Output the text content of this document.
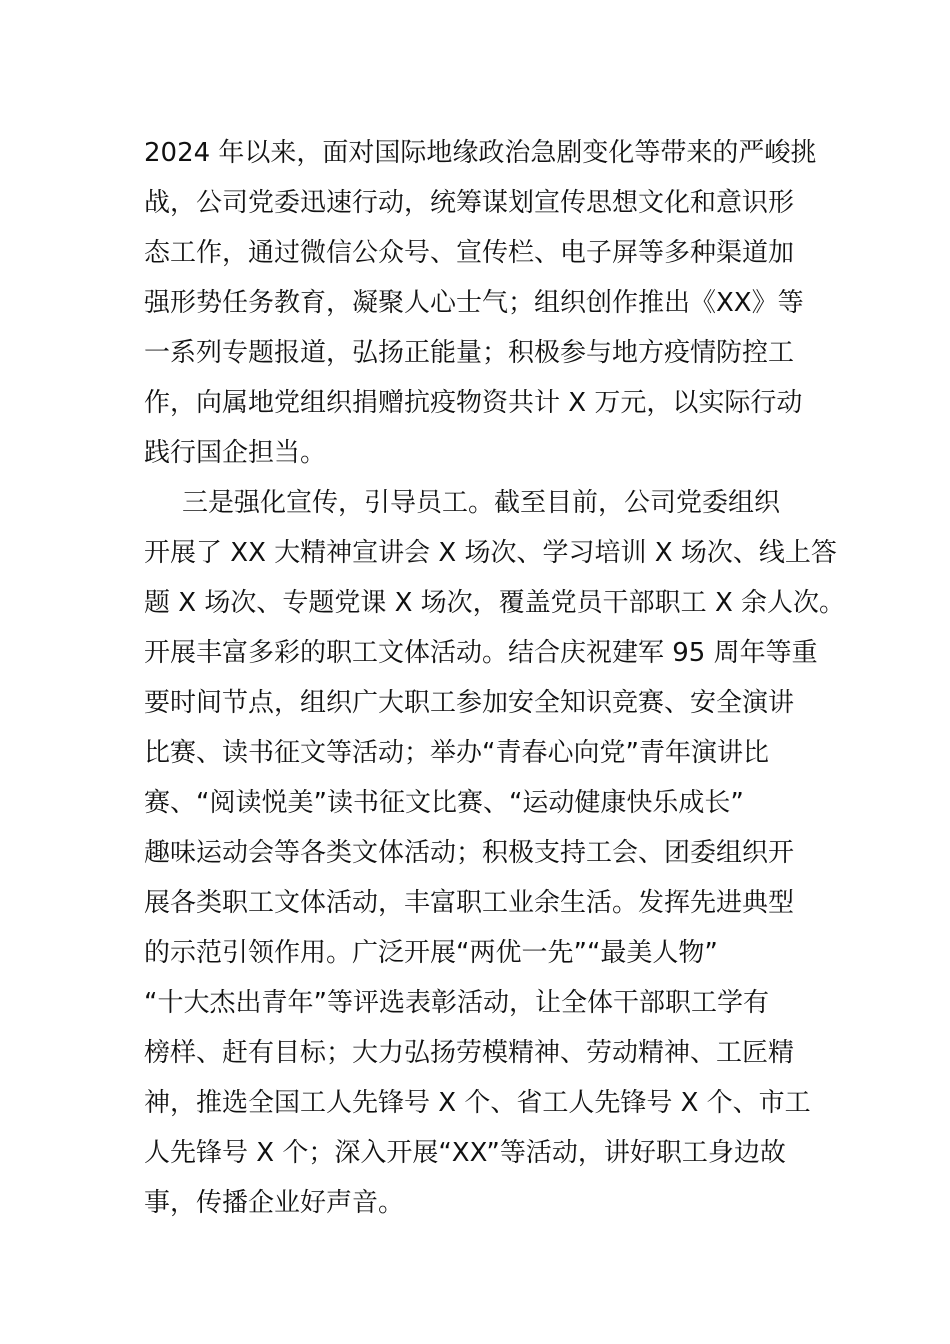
2024 年以来，面对国际地缘政治急剧变化等带来的严峻挑
战，公司党委迅速行动，统筹谋划宣传思想文化和意识形
态工作，通过微信公众号、宣传栏、电子屏等多种渠道加
强形势任务教育，凝聚人心士气；组织创作推出《XX》等
一系列专题报道，弘扬正能量；积极参与地方疫情防控工
作，向属地党组织捐赠抗疫物资共计 X 万元，以实际行动
践行国企担当。
三是强化宣传，引导员工。截至目前，公司党委组织
开展了 XX 大精神宣讲会 X 场次、学习培训 X 场次、线上答
题 X 场次、专题党课 X 场次，覆盖党员干部职工 X 余人次。
开展丰富多彩的职工文体活动。结合庆祝建军 95 周年等重
要时间节点，组织广大职工参加安全知识竞赛、安全演讲
比赛、读书征文等活动；举办“青春心向党”青年演讲比
赛、“阅读悦美”读书征文比赛、“运动健康快乐成长”
趣味运动会等各类文体活动；积极支持工会、团委组织开
展各类职工文体活动，丰富职工业余生活。发挥先进典型
的示范引领作用。广泛开展“两优一先”“最美人物”
“十大杰出青年”等评选表彰活动，让全体干部职工学有
榜样、赶有目标；大力弘扬劳模精神、劳动精神、工匠精
神，推选全国工人先锋号 X 个、省工人先锋号 X 个、市工
人先锋号 X 个；深入开展“XX”等活动，讲好职工身边故
事，传播企业好声音。
